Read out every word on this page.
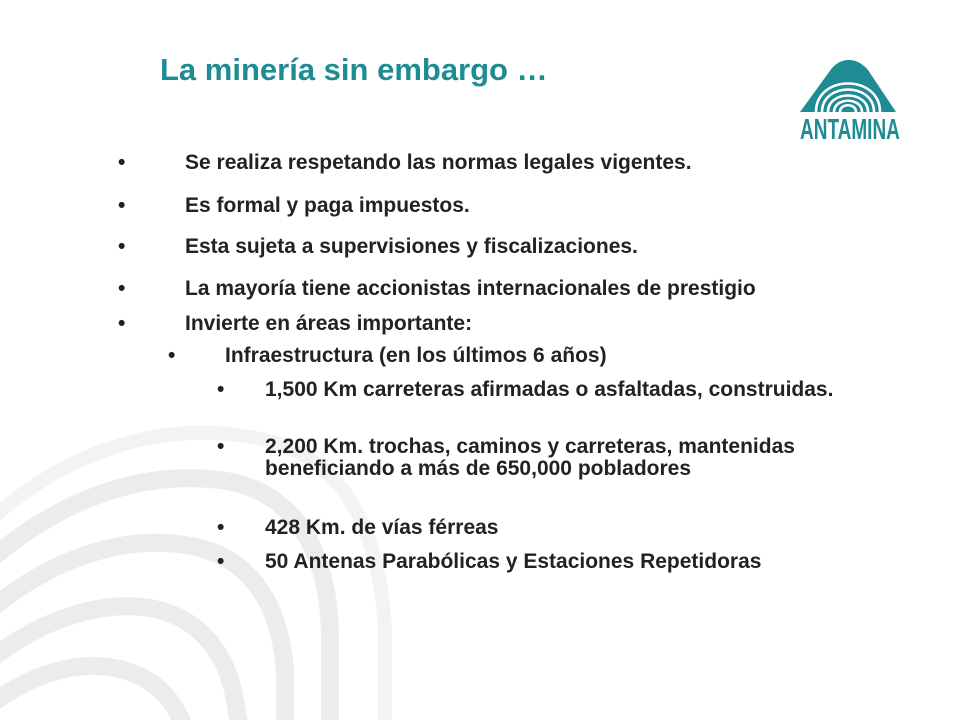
La minería sin embargo …
ANTAMINA
•	Se realiza respetando las normas legales vigentes.
•	Es formal y paga impuestos.
•	Esta sujeta a supervisiones y fiscalizaciones.
•	La mayoría tiene accionistas internacionales de prestigio
•	Invierte en áreas importante:
• Infraestructura (en los últimos 6 años)
• 1,500 Km carreteras afirmadas o asfaltadas, construidas.
• 2,200 Km. trochas, caminos y carreteras, mantenidas beneficiando a más de 650,000 pobladores
• 428 Km. de vías férreas
• 50 Antenas Parabólicas y Estaciones Repetidoras
